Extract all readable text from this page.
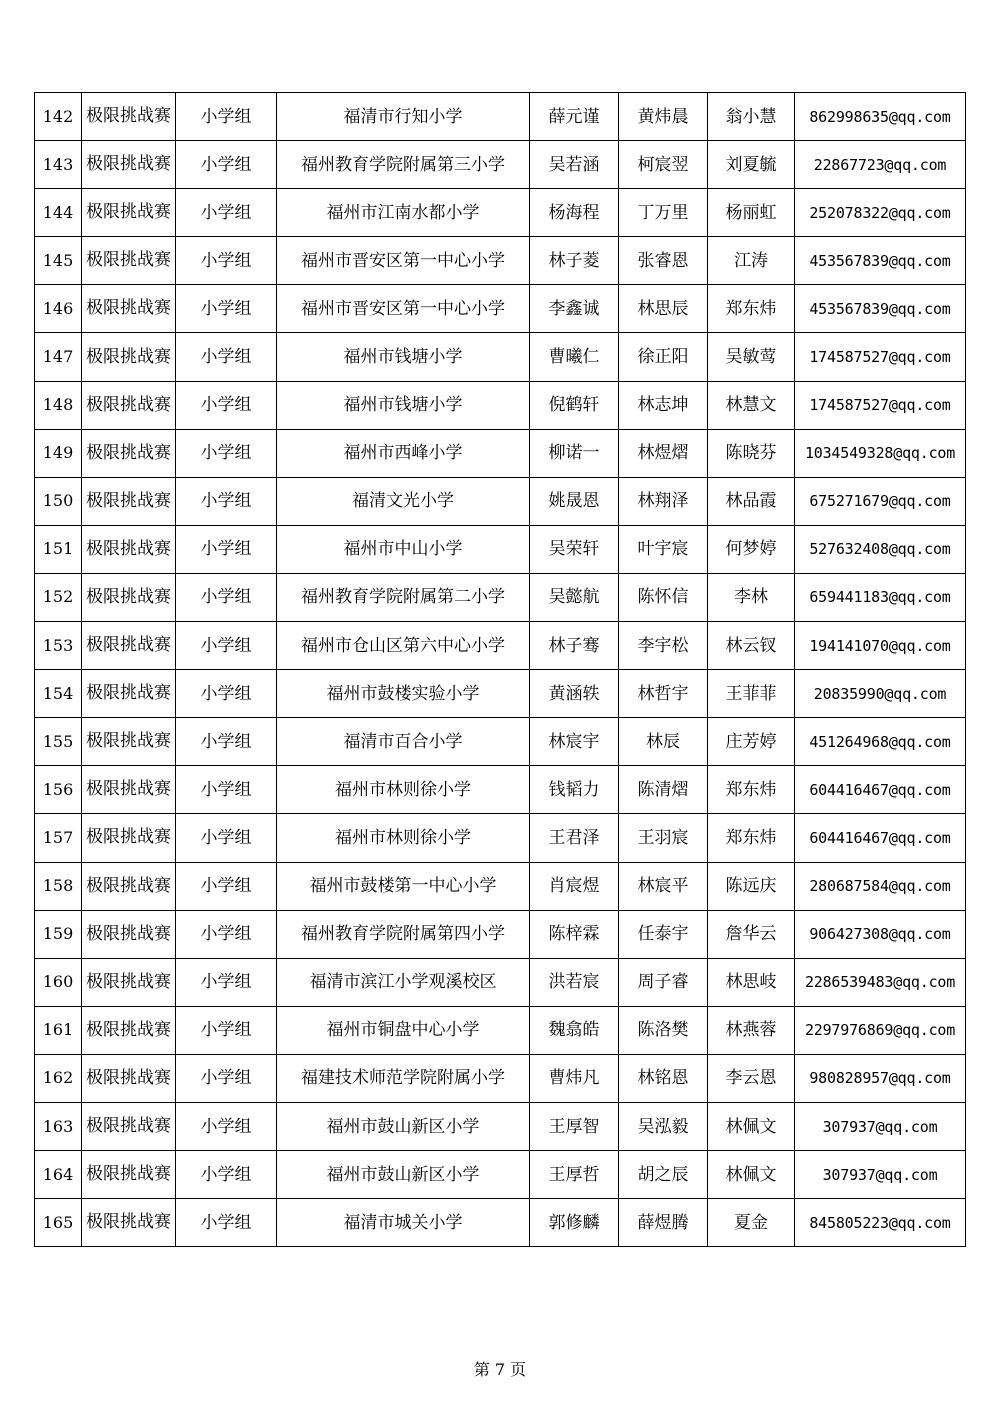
142	极限挑战赛	小学组	福清市行知小学	薛元谨	黄炜晨	翁小慧	862998635@qq.com
143	极限挑战赛	小学组	福州教育学院附属第三小学	吴若涵	柯宸翌	刘夏毓	22867723@qq.com
144	极限挑战赛	小学组	福州市江南水都小学	杨海程	丁万里	杨丽虹	252078322@qq.com
145	极限挑战赛	小学组	福州市晋安区第一中心小学	林子菱	张睿恩	江涛	453567839@qq.com
146	极限挑战赛	小学组	福州市晋安区第一中心小学	李鑫诚	林思辰	郑东炜	453567839@qq.com
147	极限挑战赛	小学组	福州市钱塘小学	曹曦仁	徐正阳	吴敏莺	174587527@qq.com
148	极限挑战赛	小学组	福州市钱塘小学	倪鹤轩	林志坤	林慧文	174587527@qq.com
149	极限挑战赛	小学组	福州市西峰小学	柳诺一	林煜熠	陈晓芬	1034549328@qq.com
150	极限挑战赛	小学组	福清文光小学	姚晟恩	林翔泽	林品霞	675271679@qq.com
151	极限挑战赛	小学组	福州市中山小学	吴荣轩	叶宇宸	何梦婷	527632408@qq.com
152	极限挑战赛	小学组	福州教育学院附属第二小学	吴懿航	陈怀信	李林	659441183@qq.com
153	极限挑战赛	小学组	福州市仓山区第六中心小学	林子骞	李宇松	林云钗	194141070@qq.com
154	极限挑战赛	小学组	福州市鼓楼实验小学	黄涵轶	林哲宇	王菲菲	20835990@qq.com
155	极限挑战赛	小学组	福清市百合小学	林宸宇	林辰	庄芳婷	451264968@qq.com
156	极限挑战赛	小学组	福州市林则徐小学	钱韬力	陈清熠	郑东炜	604416467@qq.com
157	极限挑战赛	小学组	福州市林则徐小学	王君泽	王羽宸	郑东炜	604416467@qq.com
158	极限挑战赛	小学组	福州市鼓楼第一中心小学	肖宸煜	林宸平	陈远庆	280687584@qq.com
159	极限挑战赛	小学组	福州教育学院附属第四小学	陈梓霖	任泰宇	詹华云	906427308@qq.com
160	极限挑战赛	小学组	福清市滨江小学观溪校区	洪若宸	周子睿	林思岐	2286539483@qq.com
161	极限挑战赛	小学组	福州市铜盘中心小学	魏翕皓	陈洛樊	林燕蓉	2297976869@qq.com
162	极限挑战赛	小学组	福建技术师范学院附属小学	曹炜凡	林铭恩	李云恩	980828957@qq.com
163	极限挑战赛	小学组	福州市鼓山新区小学	王厚智	吴泓毅	林佩文	307937@qq.com
164	极限挑战赛	小学组	福州市鼓山新区小学	王厚哲	胡之辰	林佩文	307937@qq.com
165	极限挑战赛	小学组	福清市城关小学	郭修麟	薛煜腾	夏金	845805223@qq.com
第 7 页
